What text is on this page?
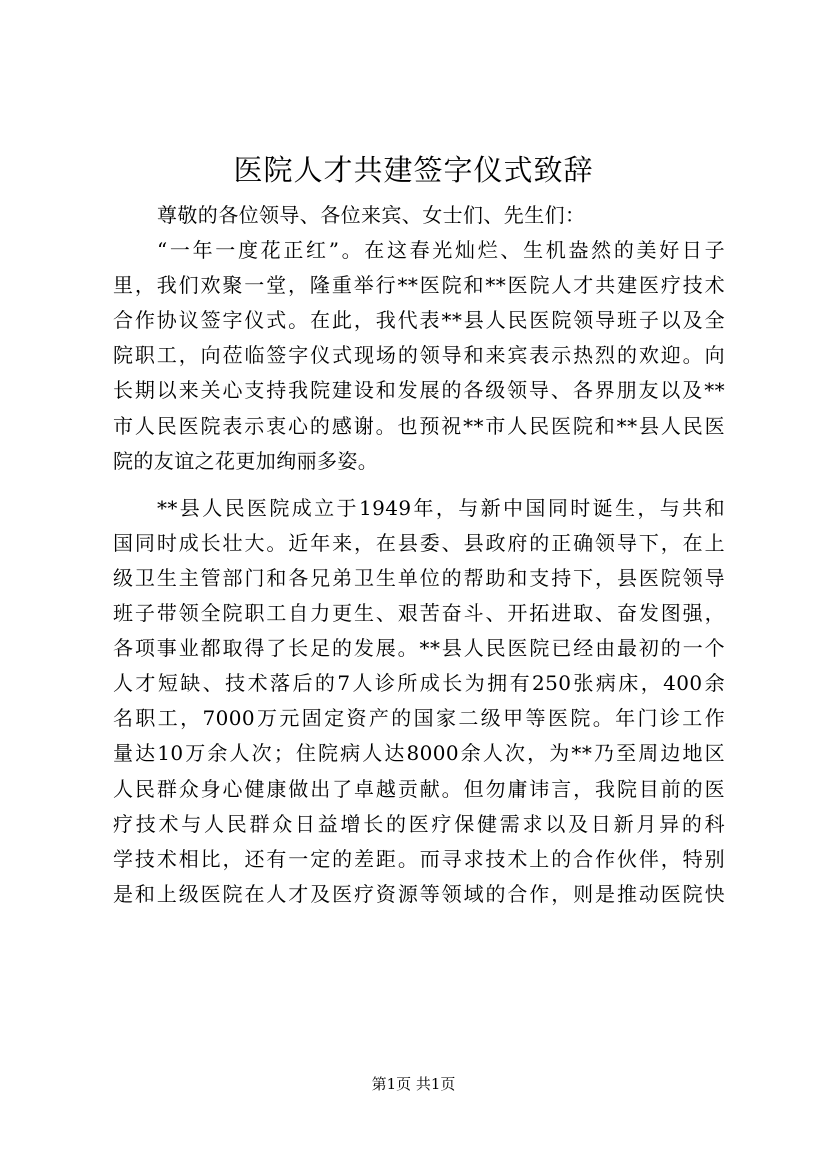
医院人才共建签字仪式致辞
尊敬的各位领导、各位来宾、女士们、先生们：
“一年一度花正红”。在这春光灿烂、生机盎然的美好日子
里，我们欢聚一堂，隆重举行**医院和**医院人才共建医疗技术
合作协议签字仪式。在此，我代表**县人民医院领导班子以及全
院职工，向莅临签字仪式现场的领导和来宾表示热烈的欢迎。向
长期以来关心支持我院建设和发展的各级领导、各界朋友以及**
市人民医院表示衷心的感谢。也预祝**市人民医院和**县人民医
院的友谊之花更加绚丽多姿。
**县人民医院成立于1949年，与新中国同时诞生，与共和
国同时成长壮大。近年来，在县委、县政府的正确领导下，在上
级卫生主管部门和各兄弟卫生单位的帮助和支持下，县医院领导
班子带领全院职工自力更生、艰苦奋斗、开拓进取、奋发图强，
各项事业都取得了长足的发展。**县人民医院已经由最初的一个
人才短缺、技术落后的7人诊所成长为拥有250张病床，400余
名职工，7000万元固定资产的国家二级甲等医院。年门诊工作
量达10万余人次；住院病人达8000余人次，为**乃至周边地区
人民群众身心健康做出了卓越贡献。但勿庸讳言，我院目前的医
疗技术与人民群众日益增长的医疗保健需求以及日新月异的科
学技术相比，还有一定的差距。而寻求技术上的合作伙伴，特别
是和上级医院在人才及医疗资源等领域的合作，则是推动医院快
第1页 共1页
